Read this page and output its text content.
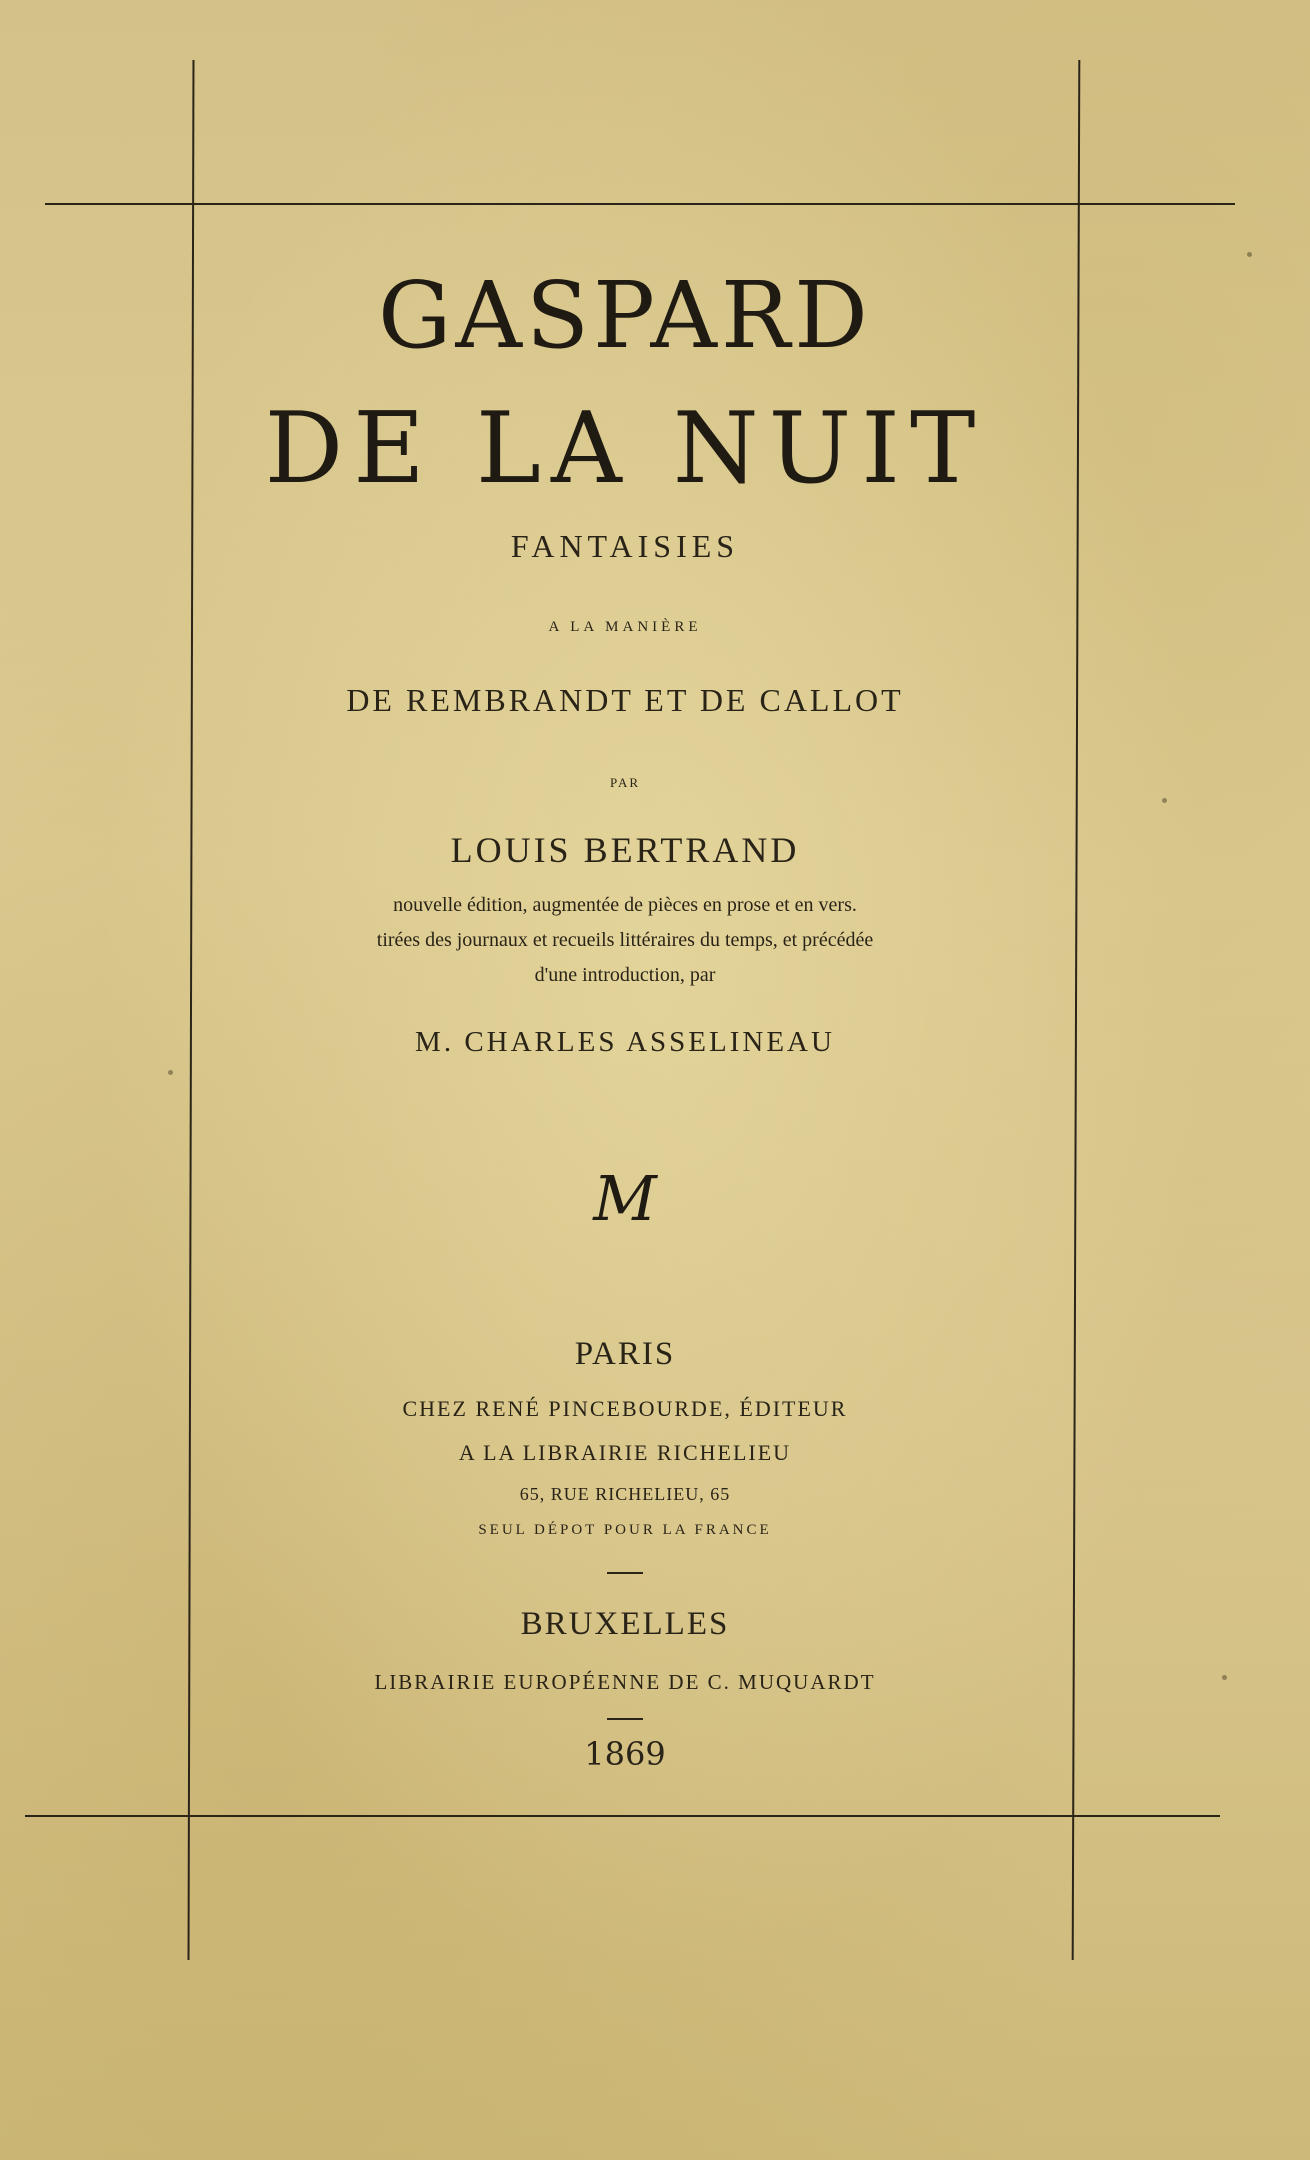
GASPARD
DE LA NUIT
FANTAISIES
A LA MANIÈRE
DE REMBRANDT ET DE CALLOT
PAR
LOUIS BERTRAND
nouvelle édition, augmentée de pièces en prose et en vers.
tirées des journaux et recueils littéraires du temps, et précédée
d'une introduction, par
M. CHARLES ASSELINEAU
M
PARIS
CHEZ RENÉ PINCEBOURDE, ÉDITEUR
A LA LIBRAIRIE RICHELIEU
65, RUE RICHELIEU, 65
SEUL DÉPOT POUR LA FRANCE
BRUXELLES
LIBRAIRIE EUROPÉENNE DE C. MUQUARDT
1869
